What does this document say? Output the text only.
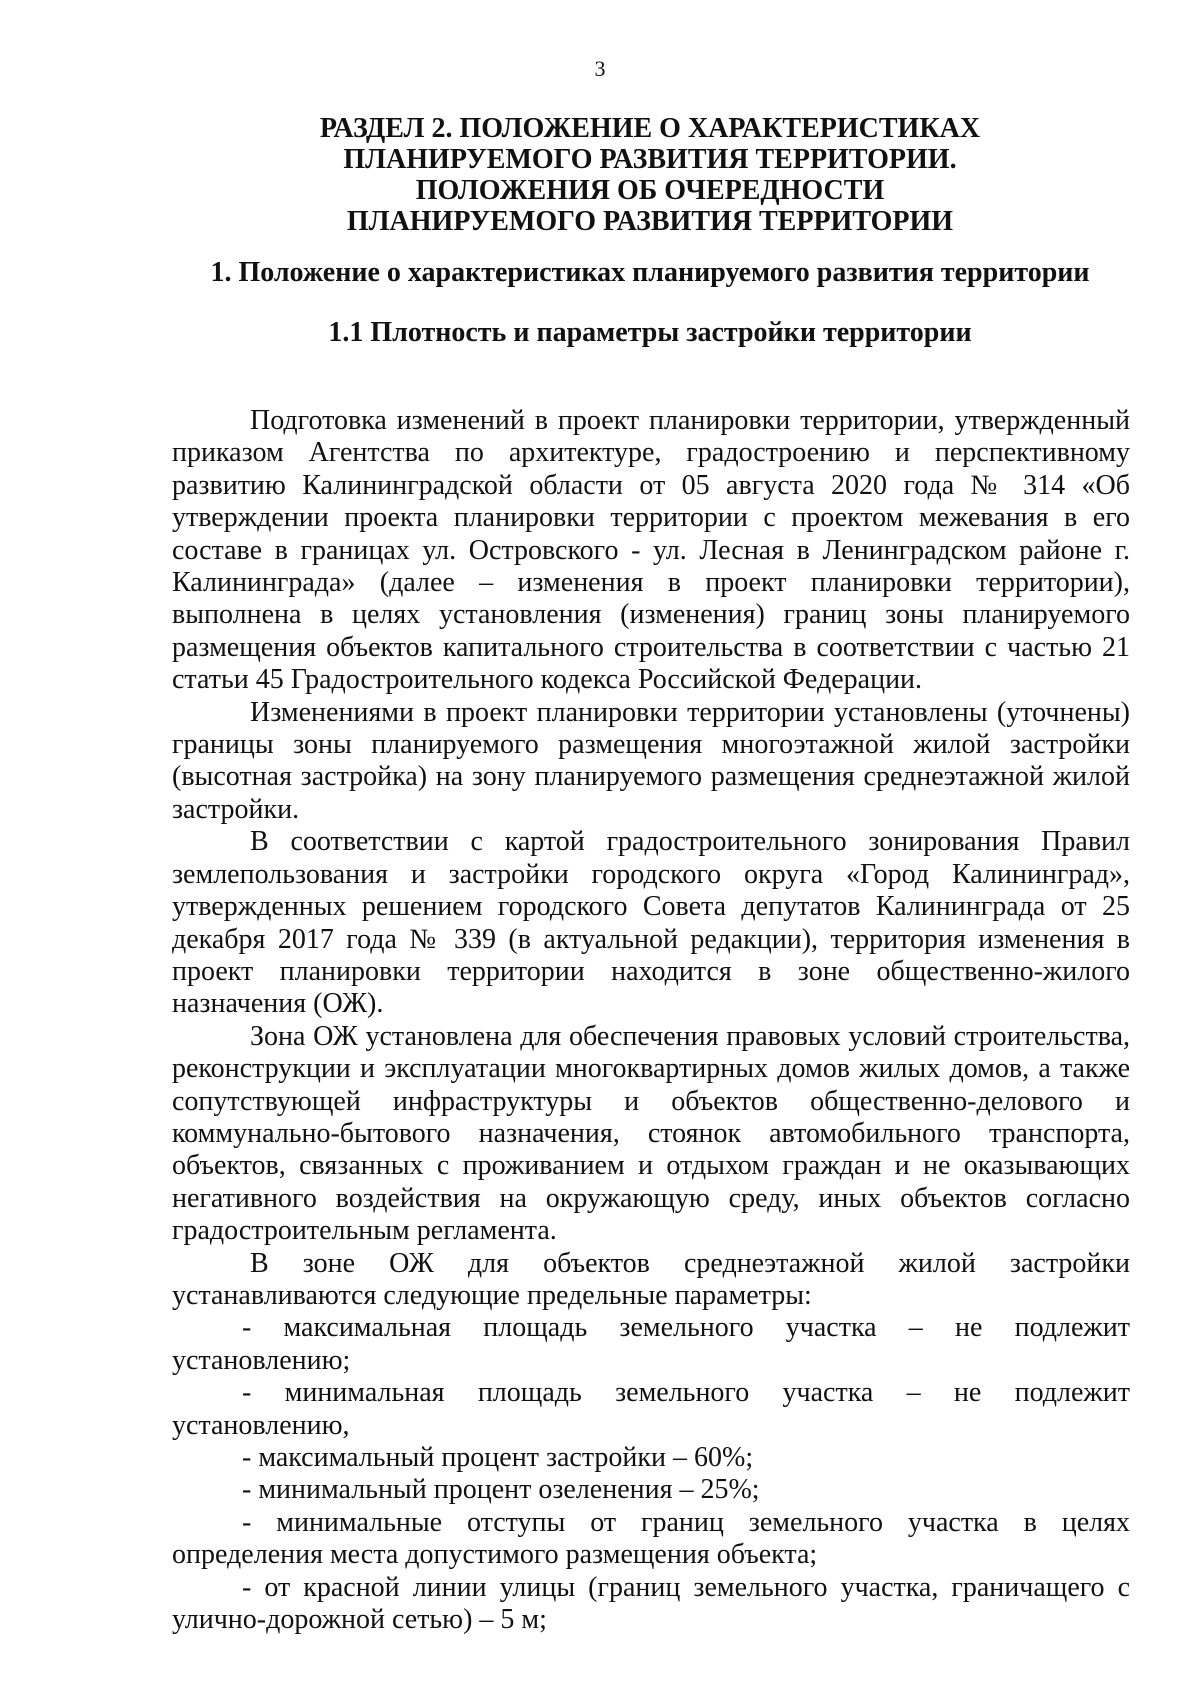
3
РАЗДЕЛ 2. ПОЛОЖЕНИЕ О ХАРАКТЕРИСТИКАХ
ПЛАНИРУЕМОГО РАЗВИТИЯ ТЕРРИТОРИИ.
ПОЛОЖЕНИЯ ОБ ОЧЕРЕДНОСТИ
ПЛАНИРУЕМОГО РАЗВИТИЯ ТЕРРИТОРИИ
1. Положение о характеристиках планируемого развития территории
1.1 Плотность и параметры застройки территории

Подготовка изменений в проект планировки территории, утвержденный приказом Агентства по архитектуре, градостроению и перспективному развитию Калининградской области от 05 августа 2020 года № 314 «Об утверждении проекта планировки территории с проектом межевания в его составе в границах ул. Островского - ул. Лесная в Ленинградском районе г. Калининграда» (далее – изменения в проект планировки территории), выполнена в целях установления (изменения) границ зоны планируемого размещения объектов капитального строительства в соответствии с частью 21 статьи 45 Градостроительного кодекса Российской Федерации.

Изменениями в проект планировки территории установлены (уточнены) границы зоны планируемого размещения многоэтажной жилой застройки (высотная застройка) на зону планируемого размещения среднеэтажной жилой застройки.

В соответствии с картой градостроительного зонирования Правил землепользования и застройки городского округа «Город Калининград», утвержденных решением городского Совета депутатов Калининграда от 25 декабря 2017 года № 339 (в актуальной редакции), территория изменения в проект планировки территории находится в зоне общественно-жилого назначения (ОЖ).

Зона ОЖ установлена для обеспечения правовых условий строительства, реконструкции и эксплуатации многоквартирных домов жилых домов, а также сопутствующей инфраструктуры и объектов общественно-делового и коммунально-бытового назначения, стоянок автомобильного транспорта, объектов, связанных с проживанием и отдыхом граждан и не оказывающих негативного воздействия на окружающую среду, иных объектов согласно градостроительным регламента.

В зоне ОЖ для объектов среднеэтажной жилой застройки устанавливаются следующие предельные параметры:

- максимальная площадь земельного участка – не подлежит установлению;

- минимальная площадь земельного участка – не подлежит установлению,

- максимальный процент застройки – 60%;

- минимальный процент озеленения – 25%;

- минимальные отступы от границ земельного участка в целях определения места допустимого размещения объекта;

- от красной линии улицы (границ земельного участка, граничащего с улично-дорожной сетью) – 5 м;
